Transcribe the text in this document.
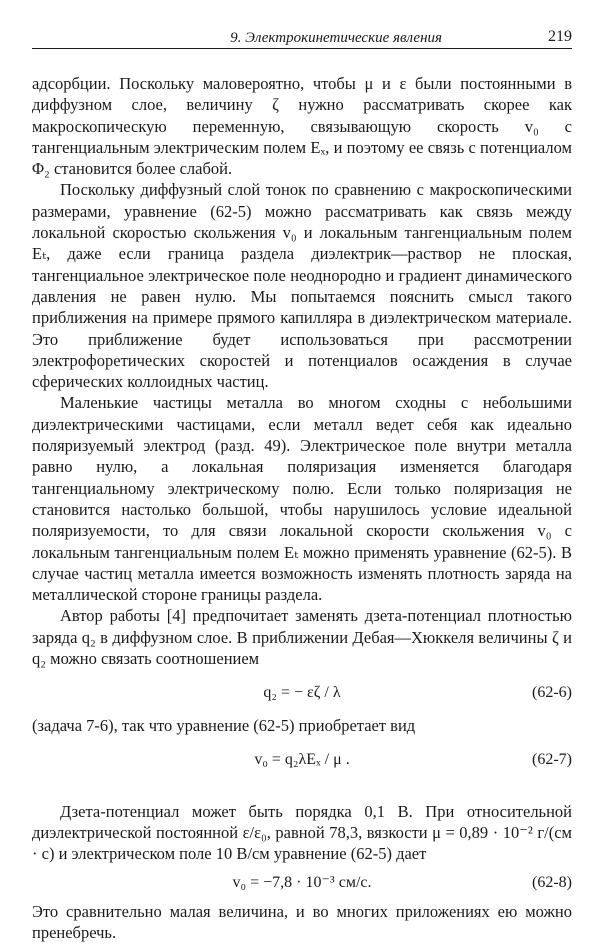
9. Электрокинетические явления	219

адсорбции. Поскольку маловероятно, чтобы μ и ε были постоянными в диффузном слое, величину ζ нужно рассматривать скорее как макроскопическую переменную, связывающую скорость v₀ с тангенциальным электрическим полем Eₓ, и поэтому ее связь с потенциалом Φ₂ становится более слабой.

Поскольку диффузный слой тонок по сравнению с макроскопическими размерами, уравнение (62-5) можно рассматривать как связь между локальной скоростью скольжения v₀ и локальным тангенциальным полем Eₜ, даже если граница раздела диэлектрик—раствор не плоская, тангенциальное электрическое поле неоднородно и градиент динамического давления не равен нулю. Мы попытаемся пояснить смысл такого приближения на примере прямого капилляра в диэлектрическом материале. Это приближение будет использоваться при рассмотрении электрофоретических скоростей и потенциалов осаждения в случае сферических коллоидных частиц.

Маленькие частицы металла во многом сходны с небольшими диэлектрическими частицами, если металл ведет себя как идеально поляризуемый электрод (разд. 49). Электрическое поле внутри металла равно нулю, а локальная поляризация изменяется благодаря тангенциальному электрическому полю. Если только поляризация не становится настолько большой, чтобы нарушилось условие идеальной поляризуемости, то для связи локальной скорости скольжения v₀ с локальным тангенциальным полем Eₜ можно применять уравнение (62-5). В случае частиц металла имеется возможность изменять плотность заряда на металлической стороне границы раздела.

Автор работы [4] предпочитает заменять дзета-потенциал плотностью заряда q₂ в диффузном слое. В приближении Дебая—Хюккеля величины ζ и q₂ можно связать соотношением

q₂ = − εζ / λ	(62-6)

(задача 7-6), так что уравнение (62-5) приобретает вид

v₀ = q₂λEₓ / μ .	(62-7)

Дзета-потенциал может быть порядка 0,1 В. При относительной диэлектрической постоянной ε/ε₀, равной 78,3, вязкости μ = 0,89 · 10⁻² г/(см · с) и электрическом поле 10 В/см уравнение (62-5) дает

v₀ = −7,8 · 10⁻³ см/с.	(62-8)

Это сравнительно малая величина, и во многих приложениях ею можно пренебречь.
